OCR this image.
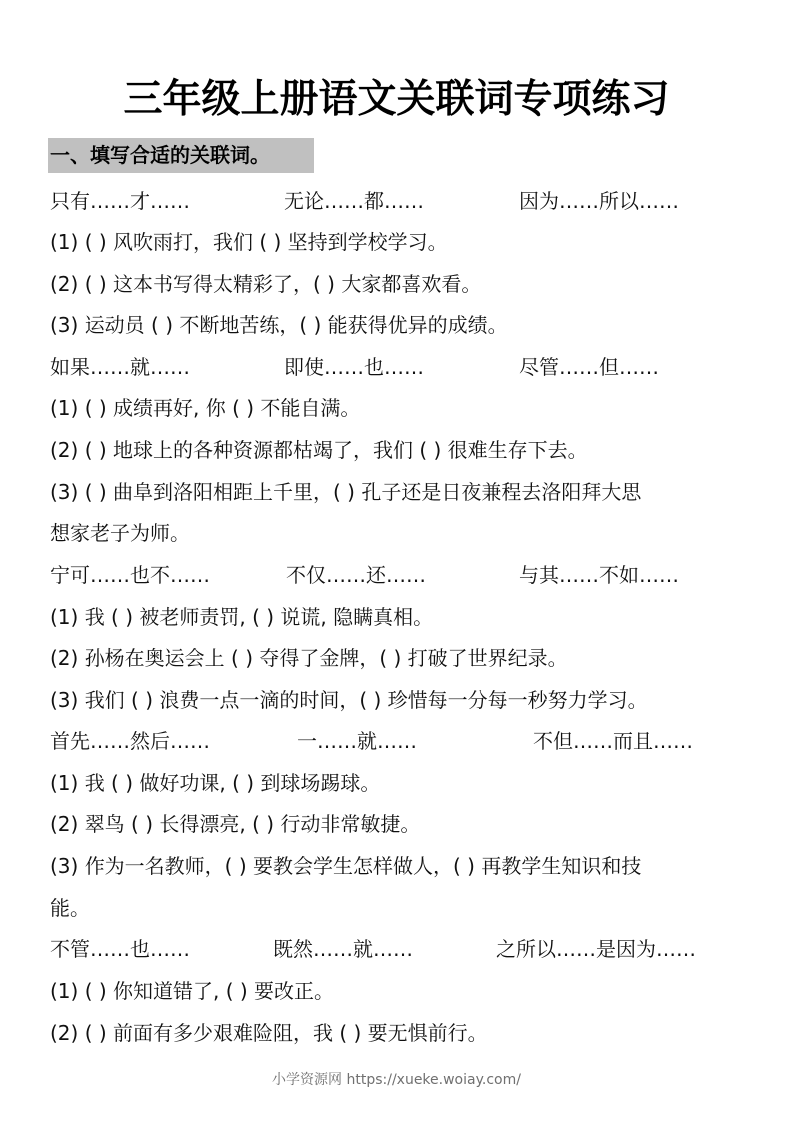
三年级上册语文关联词专项练习
一、填写合适的关联词。
只有……才……	无论……都……	因为……所以……
(1) ( ) 风吹雨打，我们 ( ) 坚持到学校学习。
(2) ( ) 这本书写得太精彩了，( ) 大家都喜欢看。
(3) 运动员 ( ) 不断地苦练，( ) 能获得优异的成绩。
如果……就……	即使……也……	尽管……但……
(1) ( ) 成绩再好, 你 ( ) 不能自满。
(2) ( ) 地球上的各种资源都枯竭了，我们 ( ) 很难生存下去。
(3) ( ) 曲阜到洛阳相距上千里，( ) 孔子还是日夜兼程去洛阳拜大思
想家老子为师。
宁可……也不……	不仅……还……	与其……不如……
(1) 我 ( ) 被老师责罚, ( ) 说谎, 隐瞒真相。
(2) 孙杨在奥运会上 ( ) 夺得了金牌，( ) 打破了世界纪录。
(3) 我们 ( ) 浪费一点一滴的时间，( ) 珍惜每一分每一秒努力学习。
首先……然后……	一……就……	不但……而且……
(1) 我 ( ) 做好功课, ( ) 到球场踢球。
(2) 翠鸟 ( ) 长得漂亮, ( ) 行动非常敏捷。
(3) 作为一名教师，( ) 要教会学生怎样做人，( ) 再教学生知识和技
能。
不管……也……	既然……就……	之所以……是因为……
(1) ( ) 你知道错了, ( ) 要改正。
(2) ( ) 前面有多少艰难险阻，我 ( ) 要无惧前行。
小学资源网 https://xueke.woiay.com/
